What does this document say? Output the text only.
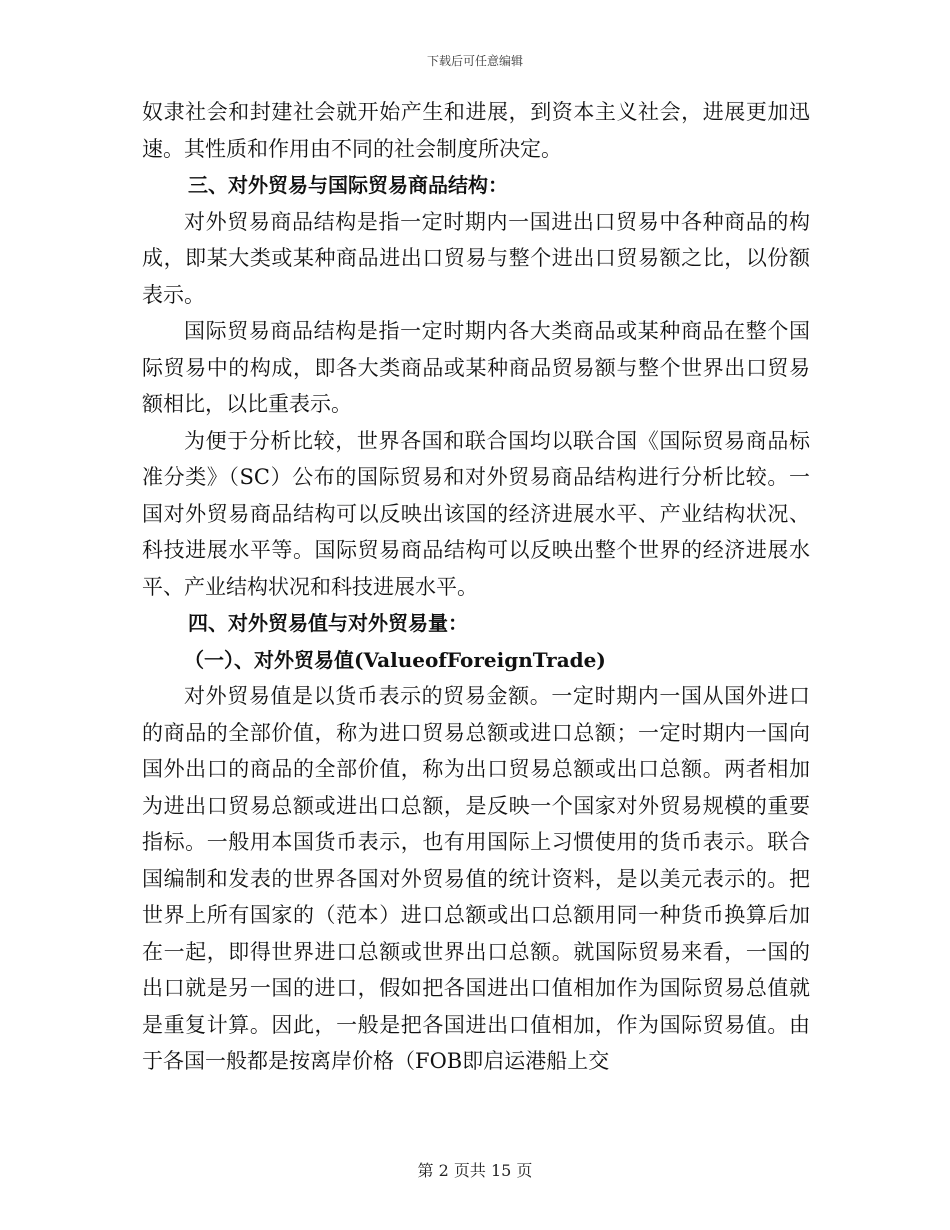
下载后可任意编辑

奴隶社会和封建社会就开始产生和进展，到资本主义社会，进展更加迅速。其性质和作用由不同的社会制度所决定。

三、对外贸易与国际贸易商品结构：

对外贸易商品结构是指一定时期内一国进出口贸易中各种商品的构成，即某大类或某种商品进出口贸易与整个进出口贸易额之比，以份额表示。

国际贸易商品结构是指一定时期内各大类商品或某种商品在整个国际贸易中的构成，即各大类商品或某种商品贸易额与整个世界出口贸易额相比，以比重表示。

为便于分析比较，世界各国和联合国均以联合国《国际贸易商品标准分类》（SC）公布的国际贸易和对外贸易商品结构进行分析比较。一国对外贸易商品结构可以反映出该国的经济进展水平、产业结构状况、科技进展水平等。国际贸易商品结构可以反映出整个世界的经济进展水平、产业结构状况和科技进展水平。

四、对外贸易值与对外贸易量：

（一）、对外贸易值(ValueofForeignTrade)

对外贸易值是以货币表示的贸易金额。一定时期内一国从国外进口的商品的全部价值，称为进口贸易总额或进口总额；一定时期内一国向国外出口的商品的全部价值，称为出口贸易总额或出口总额。两者相加为进出口贸易总额或进出口总额，是反映一个国家对外贸易规模的重要指标。一般用本国货币表示，也有用国际上习惯使用的货币表示。联合国编制和发表的世界各国对外贸易值的统计资料，是以美元表示的。把世界上所有国家的（范本）进口总额或出口总额用同一种货币换算后加在一起，即得世界进口总额或世界出口总额。就国际贸易来看，一国的出口就是另一国的进口，假如把各国进出口值相加作为国际贸易总值就是重复计算。因此，一般是把各国进出口值相加，作为国际贸易值。由于各国一般都是按离岸价格（FOB即启运港船上交

第 2 页共 15 页
